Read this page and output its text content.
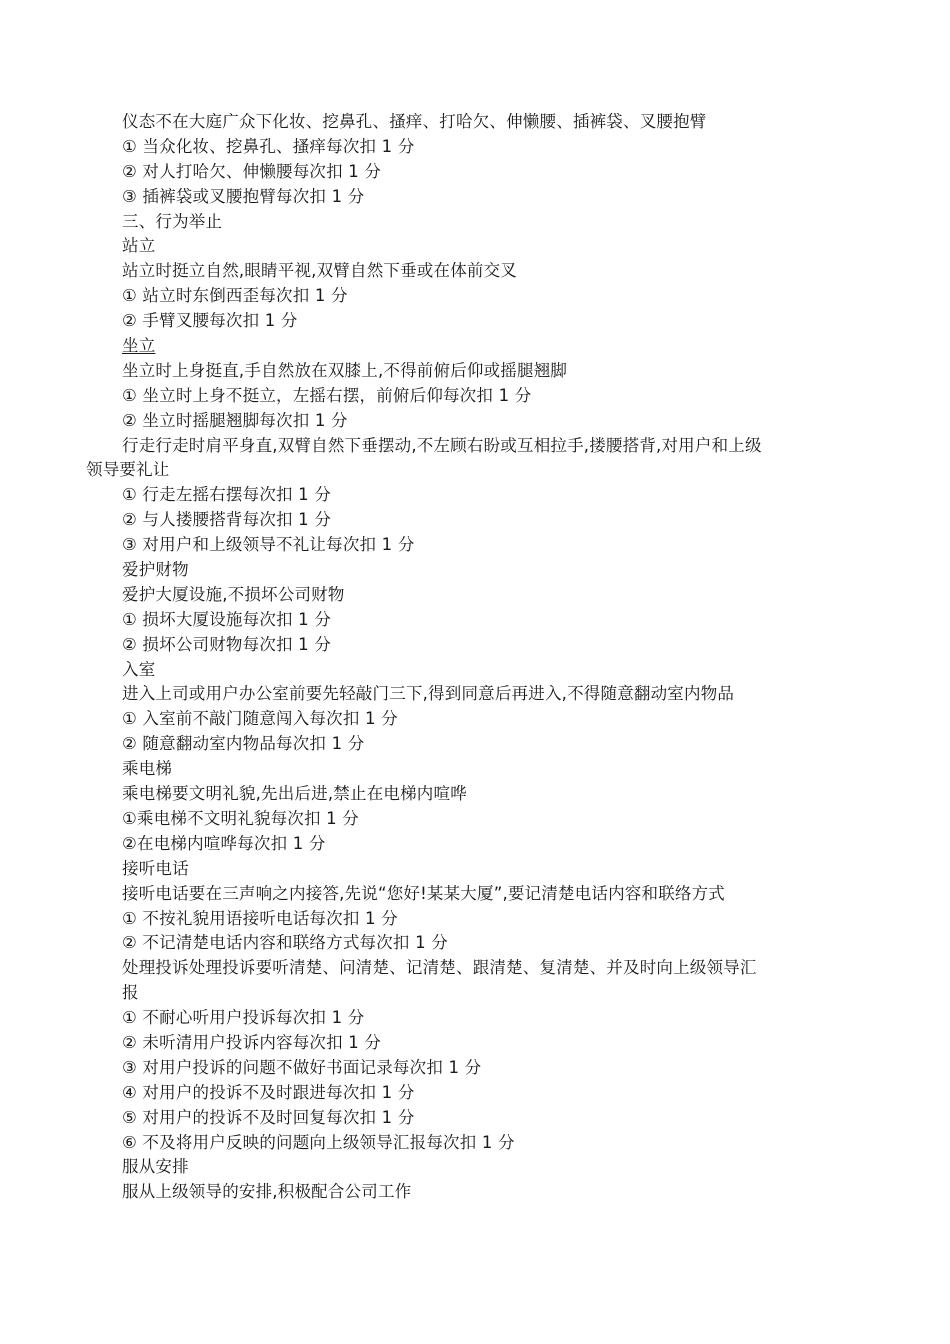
仪态不在大庭广众下化妆、挖鼻孔、搔痒、打哈欠、伸懒腰、插裤袋、叉腰抱臂
① 当众化妆、挖鼻孔、搔痒每次扣 1 分
② 对人打哈欠、伸懒腰每次扣 1 分
③ 插裤袋或叉腰抱臂每次扣 1 分
三、行为举止
站立
站立时挺立自然,眼睛平视,双臂自然下垂或在体前交叉
① 站立时东倒西歪每次扣 1 分
② 手臂叉腰每次扣 1 分
坐立
坐立时上身挺直,手自然放在双膝上,不得前俯后仰或摇腿翘脚
① 坐立时上身不挺立，左摇右摆，前俯后仰每次扣 1 分
② 坐立时摇腿翘脚每次扣 1 分
行走行走时肩平身直,双臂自然下垂摆动,不左顾右盼或互相拉手,搂腰搭背,对用户和上级
领导要礼让
① 行走左摇右摆每次扣 1 分
② 与人搂腰搭背每次扣 1 分
③ 对用户和上级领导不礼让每次扣 1 分
爱护财物
爱护大厦设施,不损坏公司财物
① 损坏大厦设施每次扣 1 分
② 损坏公司财物每次扣 1 分
入室
进入上司或用户办公室前要先轻敲门三下,得到同意后再进入,不得随意翻动室内物品
① 入室前不敲门随意闯入每次扣 1 分
② 随意翻动室内物品每次扣 1 分
乘电梯
乘电梯要文明礼貌,先出后进,禁止在电梯内喧哗
①乘电梯不文明礼貌每次扣 1 分
②在电梯内喧哗每次扣 1 分
接听电话
接听电话要在三声响之内接答,先说“您好!某某大厦”,要记清楚电话内容和联络方式
① 不按礼貌用语接听电话每次扣 1 分
② 不记清楚电话内容和联络方式每次扣 1 分
处理投诉处理投诉要听清楚、问清楚、记清楚、跟清楚、复清楚、并及时向上级领导汇
报
① 不耐心听用户投诉每次扣 1 分
② 未听清用户投诉内容每次扣 1 分
③ 对用户投诉的问题不做好书面记录每次扣 1 分
④ 对用户的投诉不及时跟进每次扣 1 分
⑤ 对用户的投诉不及时回复每次扣 1 分
⑥ 不及将用户反映的问题向上级领导汇报每次扣 1 分
服从安排
服从上级领导的安排,积极配合公司工作
